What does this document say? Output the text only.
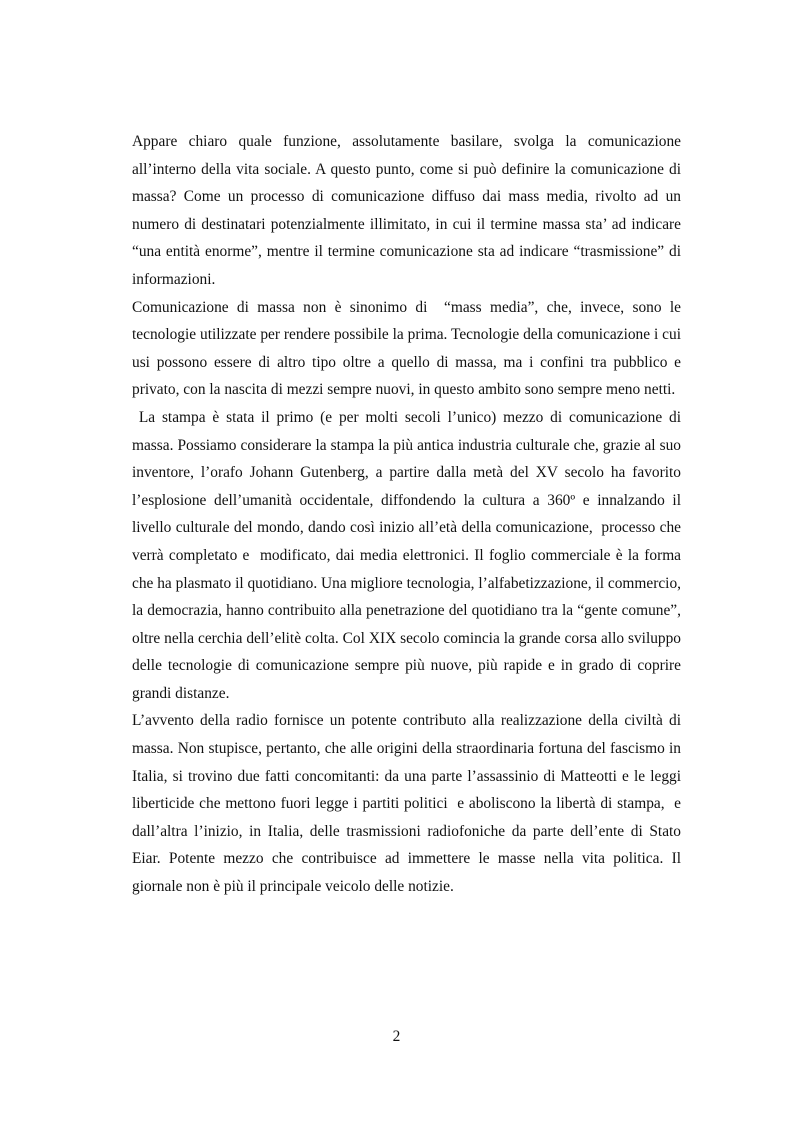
Appare chiaro quale funzione, assolutamente basilare, svolga la comunicazione all’interno della vita sociale. A questo punto, come si può definire la comunicazione di massa? Come un processo di comunicazione diffuso dai mass media, rivolto ad un numero di destinatari potenzialmente illimitato, in cui il termine massa sta’ ad indicare “una entità enorme”, mentre il termine comunicazione sta ad indicare “trasmissione” di informazioni.

Comunicazione di massa non è sinonimo di  “mass media”, che, invece, sono le tecnologie utilizzate per rendere possibile la prima. Tecnologie della comunicazione i cui usi possono essere di altro tipo oltre a quello di massa, ma i confini tra pubblico e privato, con la nascita di mezzi sempre nuovi, in questo ambito sono sempre meno netti.

La stampa è stata il primo (e per molti secoli l’unico) mezzo di comunicazione di massa. Possiamo considerare la stampa la più antica industria culturale che, grazie al suo inventore, l’orafo Johann Gutenberg, a partire dalla metà del XV secolo ha favorito l’esplosione dell’umanità occidentale, diffondendo la cultura a 360º e innalzando il livello culturale del mondo, dando così inizio all’età della comunicazione,  processo che verrà completato e  modificato, dai media elettronici. Il foglio commerciale è la forma che ha plasmato il quotidiano. Una migliore tecnologia, l’alfabetizzazione, il commercio, la democrazia, hanno contribuito alla penetrazione del quotidiano tra la “gente comune”, oltre nella cerchia dell’elitè colta. Col XIX secolo comincia la grande corsa allo sviluppo delle tecnologie di comunicazione sempre più nuove, più rapide e in grado di coprire grandi distanze.

L’avvento della radio fornisce un potente contributo alla realizzazione della civiltà di massa. Non stupisce, pertanto, che alle origini della straordinaria fortuna del fascismo in Italia, si trovino due fatti concomitanti: da una parte l’assassinio di Matteotti e le leggi liberticide che mettono fuori legge i partiti politici  e aboliscono la libertà di stampa,  e dall’altra l’inizio, in Italia, delle trasmissioni radiofoniche da parte dell’ente di Stato Eiar. Potente mezzo che contribuisce ad immettere le masse nella vita politica. Il giornale non è più il principale veicolo delle notizie.

2
